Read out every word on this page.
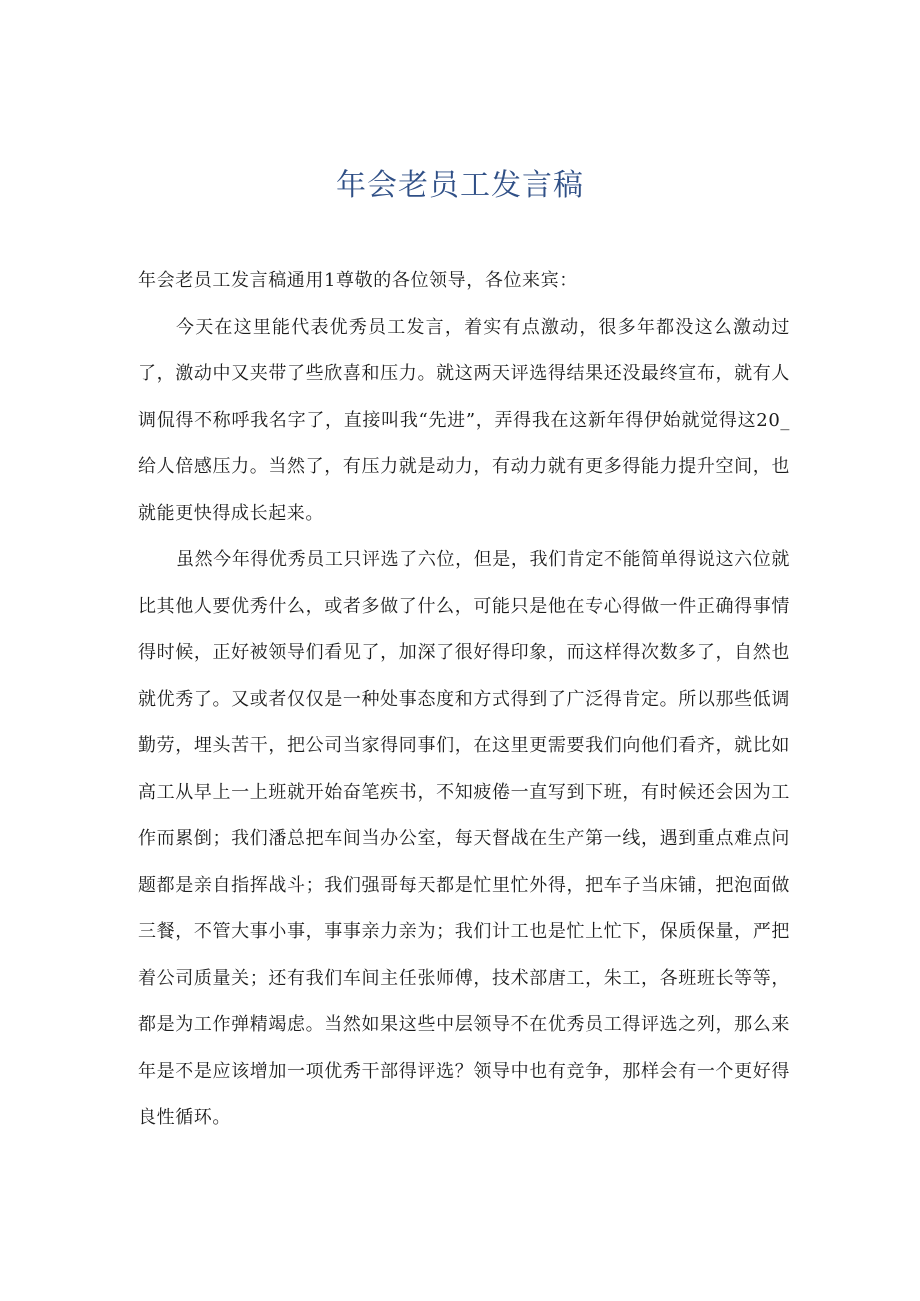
年会老员工发言稿

年会老员工发言稿通用1尊敬的各位领导，各位来宾：

今天在这里能代表优秀员工发言，着实有点激动，很多年都没这么激动过了，激动中又夹带了些欣喜和压力。就这两天评选得结果还没最终宣布，就有人调侃得不称呼我名字了，直接叫我“先进”，弄得我在这新年得伊始就觉得这20_给人倍感压力。当然了，有压力就是动力，有动力就有更多得能力提升空间，也就能更快得成长起来。

虽然今年得优秀员工只评选了六位，但是，我们肯定不能简单得说这六位就比其他人要优秀什么，或者多做了什么，可能只是他在专心得做一件正确得事情得时候，正好被领导们看见了，加深了很好得印象，而这样得次数多了，自然也就优秀了。又或者仅仅是一种处事态度和方式得到了广泛得肯定。所以那些低调勤劳，埋头苦干，把公司当家得同事们，在这里更需要我们向他们看齐，就比如高工从早上一上班就开始奋笔疾书，不知疲倦一直写到下班，有时候还会因为工作而累倒；我们潘总把车间当办公室，每天督战在生产第一线，遇到重点难点问题都是亲自指挥战斗；我们强哥每天都是忙里忙外得，把车子当床铺，把泡面做三餐，不管大事小事，事事亲力亲为；我们计工也是忙上忙下，保质保量，严把着公司质量关；还有我们车间主任张师傅，技术部唐工，朱工，各班班长等等，都是为工作弹精竭虑。当然如果这些中层领导不在优秀员工得评选之列，那么来年是不是应该增加一项优秀干部得评选？领导中也有竞争，那样会有一个更好得良性循环。
